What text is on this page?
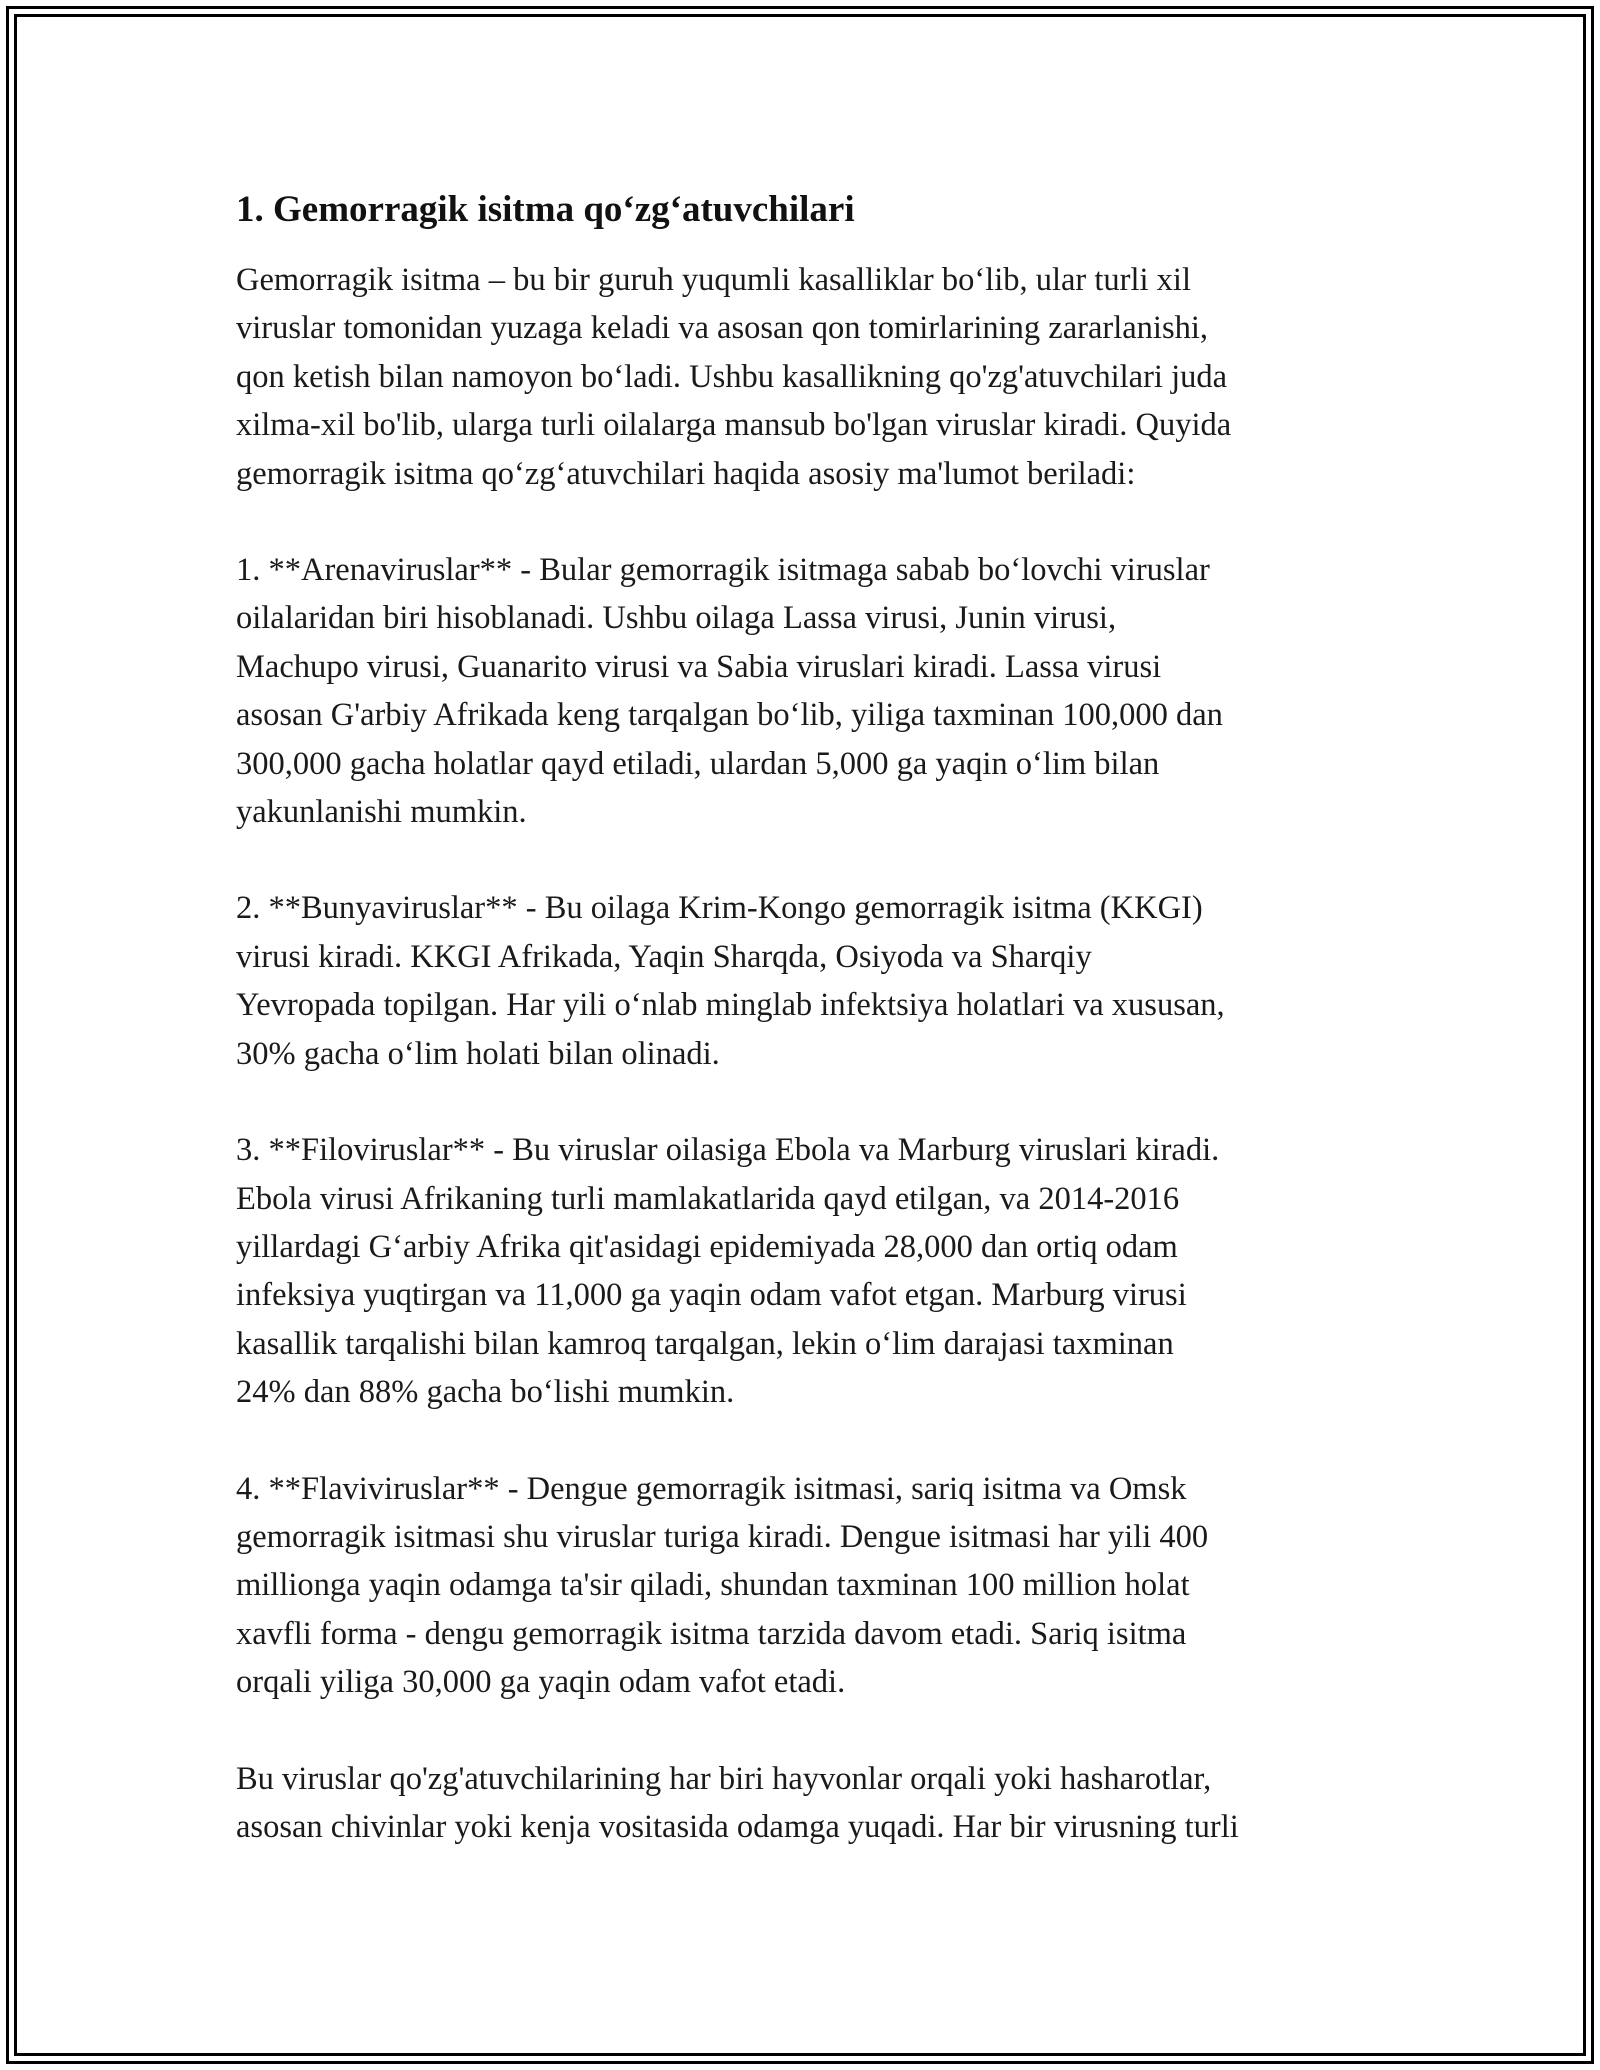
1. Gemorragik isitma qo‘zg‘atuvchilari

Gemorragik isitma – bu bir guruh yuqumli kasalliklar bo‘lib, ular turli xil
viruslar tomonidan yuzaga keladi va asosan qon tomirlarining zararlanishi,
qon ketish bilan namoyon bo‘ladi. Ushbu kasallikning qo'zg'atuvchilari juda
xilma-xil bo'lib, ularga turli oilalarga mansub bo'lgan viruslar kiradi. Quyida
gemorragik isitma qo‘zg‘atuvchilari haqida asosiy ma'lumot beriladi:

1. **Arenaviruslar** - Bular gemorragik isitmaga sabab bo‘lovchi viruslar
oilalaridan biri hisoblanadi. Ushbu oilaga Lassa virusi, Junin virusi,
Machupo virusi, Guanarito virusi va Sabia viruslari kiradi. Lassa virusi
asosan G'arbiy Afrikada keng tarqalgan bo‘lib, yiliga taxminan 100,000 dan
300,000 gacha holatlar qayd etiladi, ulardan 5,000 ga yaqin o‘lim bilan
yakunlanishi mumkin.

2. **Bunyaviruslar** - Bu oilaga Krim-Kongo gemorragik isitma (KKGI)
virusi kiradi. KKGI Afrikada, Yaqin Sharqda, Osiyoda va Sharqiy
Yevropada topilgan. Har yili o‘nlab minglab infektsiya holatlari va xususan,
30% gacha o‘lim holati bilan olinadi.

3. **Filoviruslar** - Bu viruslar oilasiga Ebola va Marburg viruslari kiradi.
Ebola virusi Afrikaning turli mamlakatlarida qayd etilgan, va 2014-2016
yillardagi G‘arbiy Afrika qit'asidagi epidemiyada 28,000 dan ortiq odam
infeksiya yuqtirgan va 11,000 ga yaqin odam vafot etgan. Marburg virusi
kasallik tarqalishi bilan kamroq tarqalgan, lekin o‘lim darajasi taxminan
24% dan 88% gacha bo‘lishi mumkin.

4. **Flaviviruslar** - Dengue gemorragik isitmasi, sariq isitma va Omsk
gemorragik isitmasi shu viruslar turiga kiradi. Dengue isitmasi har yili 400
millionga yaqin odamga ta'sir qiladi, shundan taxminan 100 million holat
xavfli forma - dengu gemorragik isitma tarzida davom etadi. Sariq isitma
orqali yiliga 30,000 ga yaqin odam vafot etadi.

Bu viruslar qo'zg'atuvchilarining har biri hayvonlar orqali yoki hasharotlar,
asosan chivinlar yoki kenja vositasida odamga yuqadi. Har bir virusning turli
